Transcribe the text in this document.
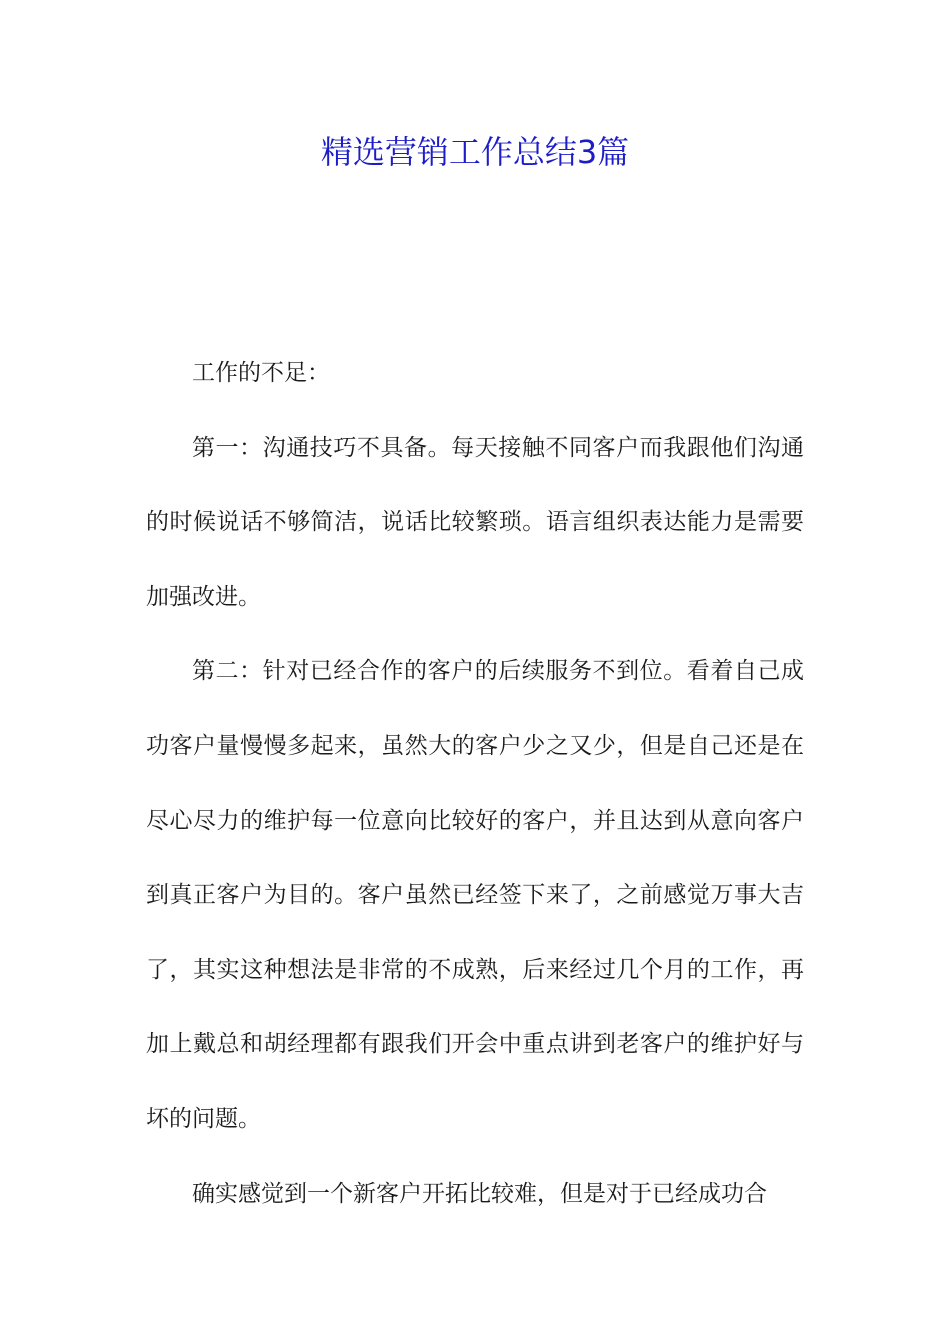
精选营销工作总结3篇

工作的不足：

第一：沟通技巧不具备。每天接触不同客户而我跟他们沟通的时候说话不够简洁，说话比较繁琐。语言组织表达能力是需要加强改进。

第二：针对已经合作的客户的后续服务不到位。看着自己成功客户量慢慢多起来，虽然大的客户少之又少，但是自己还是在尽心尽力的维护每一位意向比较好的客户，并且达到从意向客户到真正客户为目的。客户虽然已经签下来了，之前感觉万事大吉了，其实这种想法是非常的不成熟，后来经过几个月的工作，再加上戴总和胡经理都有跟我们开会中重点讲到老客户的维护好与坏的问题。

确实感觉到一个新客户开拓比较难，但是对于已经成功合
